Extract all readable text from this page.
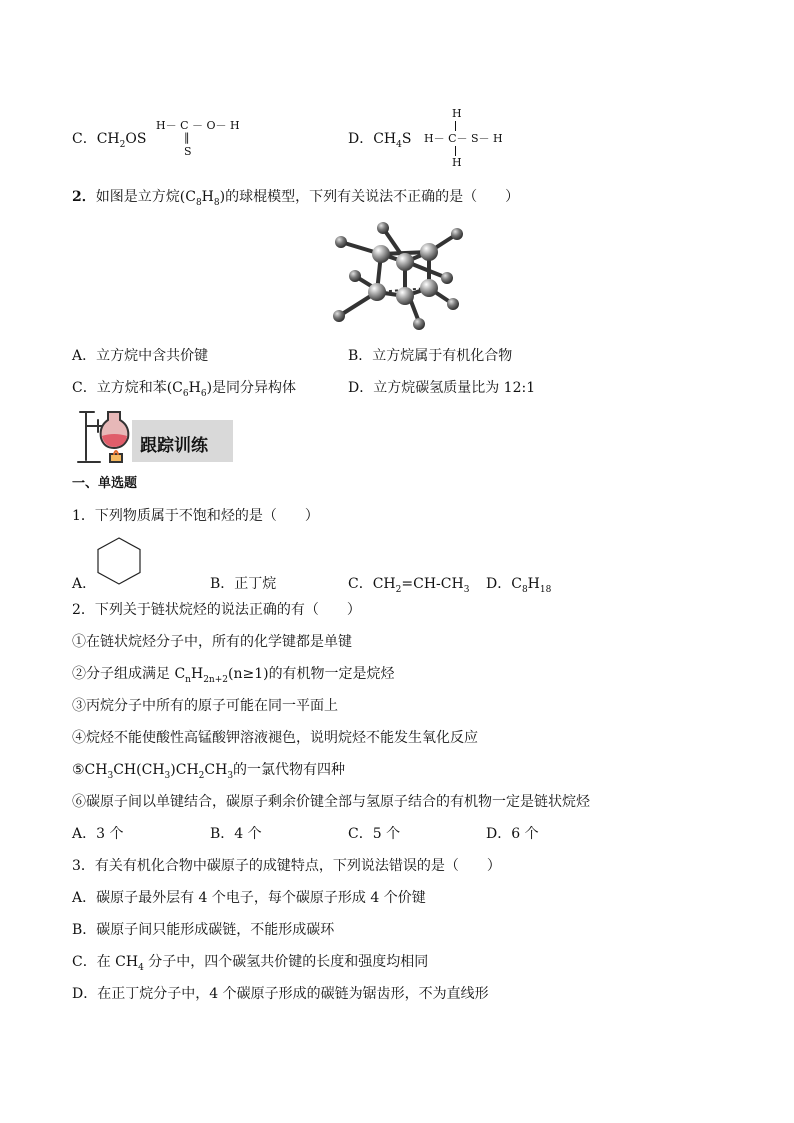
C．$CH_2OS$
H－ C － O－ H
‖
S
D．$CH_4S$
H
H－ C－ S－ H
H
2．如图是立方烷$(C_8H_8)$的球棍模型，下列有关说法不正确的是（　　）
A．立方烷中含共价键	B．立方烷属于有机化合物
C．立方烷和苯$(C_6H_6)$是同分异构体	D．立方烷碳氢质量比为 12:1
跟踪训练
一、单选题
1．下列物质属于不饱和烃的是（　　）
A．	B．正丁烷	C．$CH_2=CH-CH_3$ D．$C_8H_{18}$
2．下列关于链状烷烃的说法正确的有（　　）
①在链状烷烃分子中，所有的化学键都是单键
②分子组成满足 $C_nH_{2n+2}(n\ge 1)$的有机物一定是烷烃
③丙烷分子中所有的原子可能在同一平面上
④烷烃不能使酸性高锰酸钾溶液褪色，说明烷烃不能发生氧化反应
$⑤CH_3CH(CH_3)CH_2CH_3$的一氯代物有四种
⑥碳原子间以单键结合，碳原子剩余价键全部与氢原子结合的有机物一定是链状烷烃
A．3 个	B．4 个	C．5 个	D．6 个
3．有关有机化合物中碳原子的成键特点，下列说法错误的是（　　）
A．碳原子最外层有 4 个电子，每个碳原子形成 4 个价键
B．碳原子间只能形成碳链，不能形成碳环
C．在 $CH_4$ 分子中，四个碳氢共价键的长度和强度均相同
D．在正丁烷分子中，4 个碳原子形成的碳链为锯齿形，不为直线形
